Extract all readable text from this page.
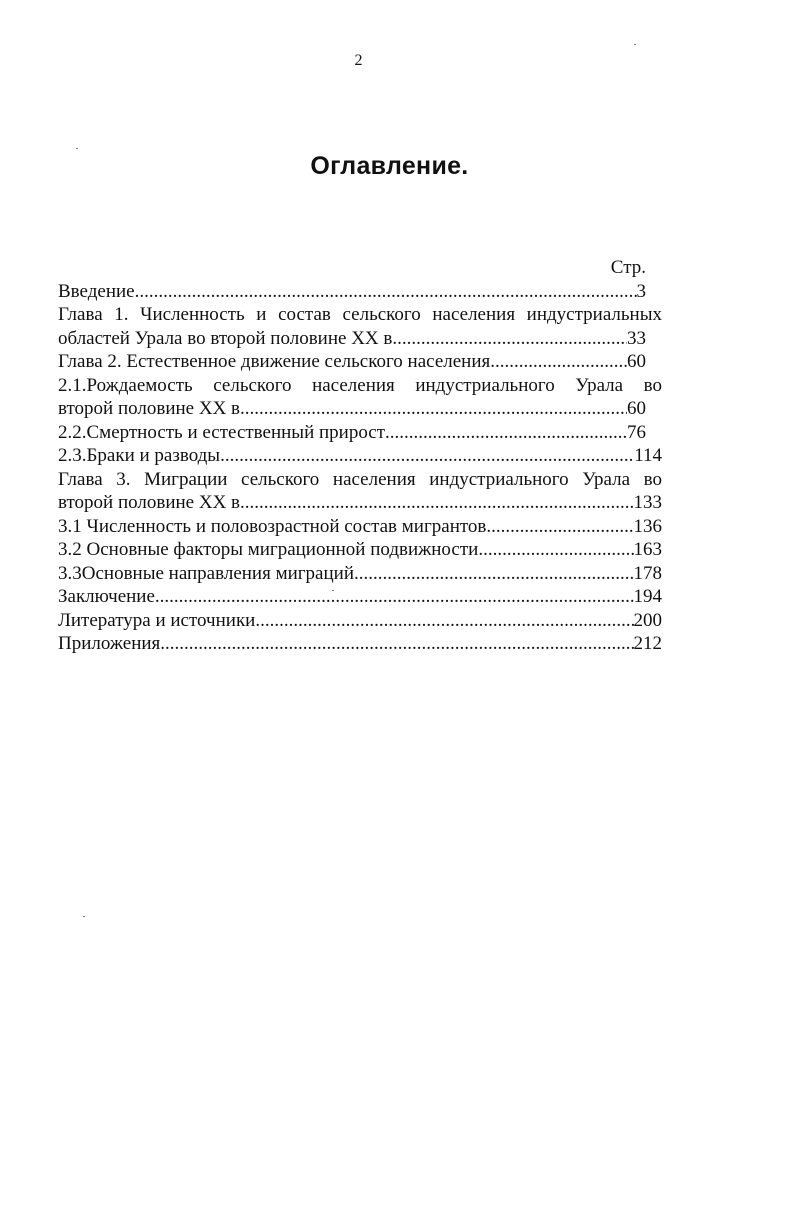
2
Оглавление.
Стр.
Введение .....	3
Глава 1. Численность и состав сельского населения индустриальных
областей Урала во второй половине XX в .....	33
Глава 2. Естественное движение сельского населения .....	60
2.1.Рождаемость сельского населения индустриального Урала во
второй половине XX в .....	60
2.2.Смертность и естественный прирост .....	76
2.3.Браки и разводы .....	114
Глава 3. Миграции сельского населения индустриального Урала во
второй половине XX в .....	133
3.1 Численность и половозрастной состав мигрантов .....	136
3.2 Основные факторы миграционной подвижности .....	163
3.3Основные направления миграций .....	178
Заключение .....	194
Литература и источники .....	200
Приложения .....	212
